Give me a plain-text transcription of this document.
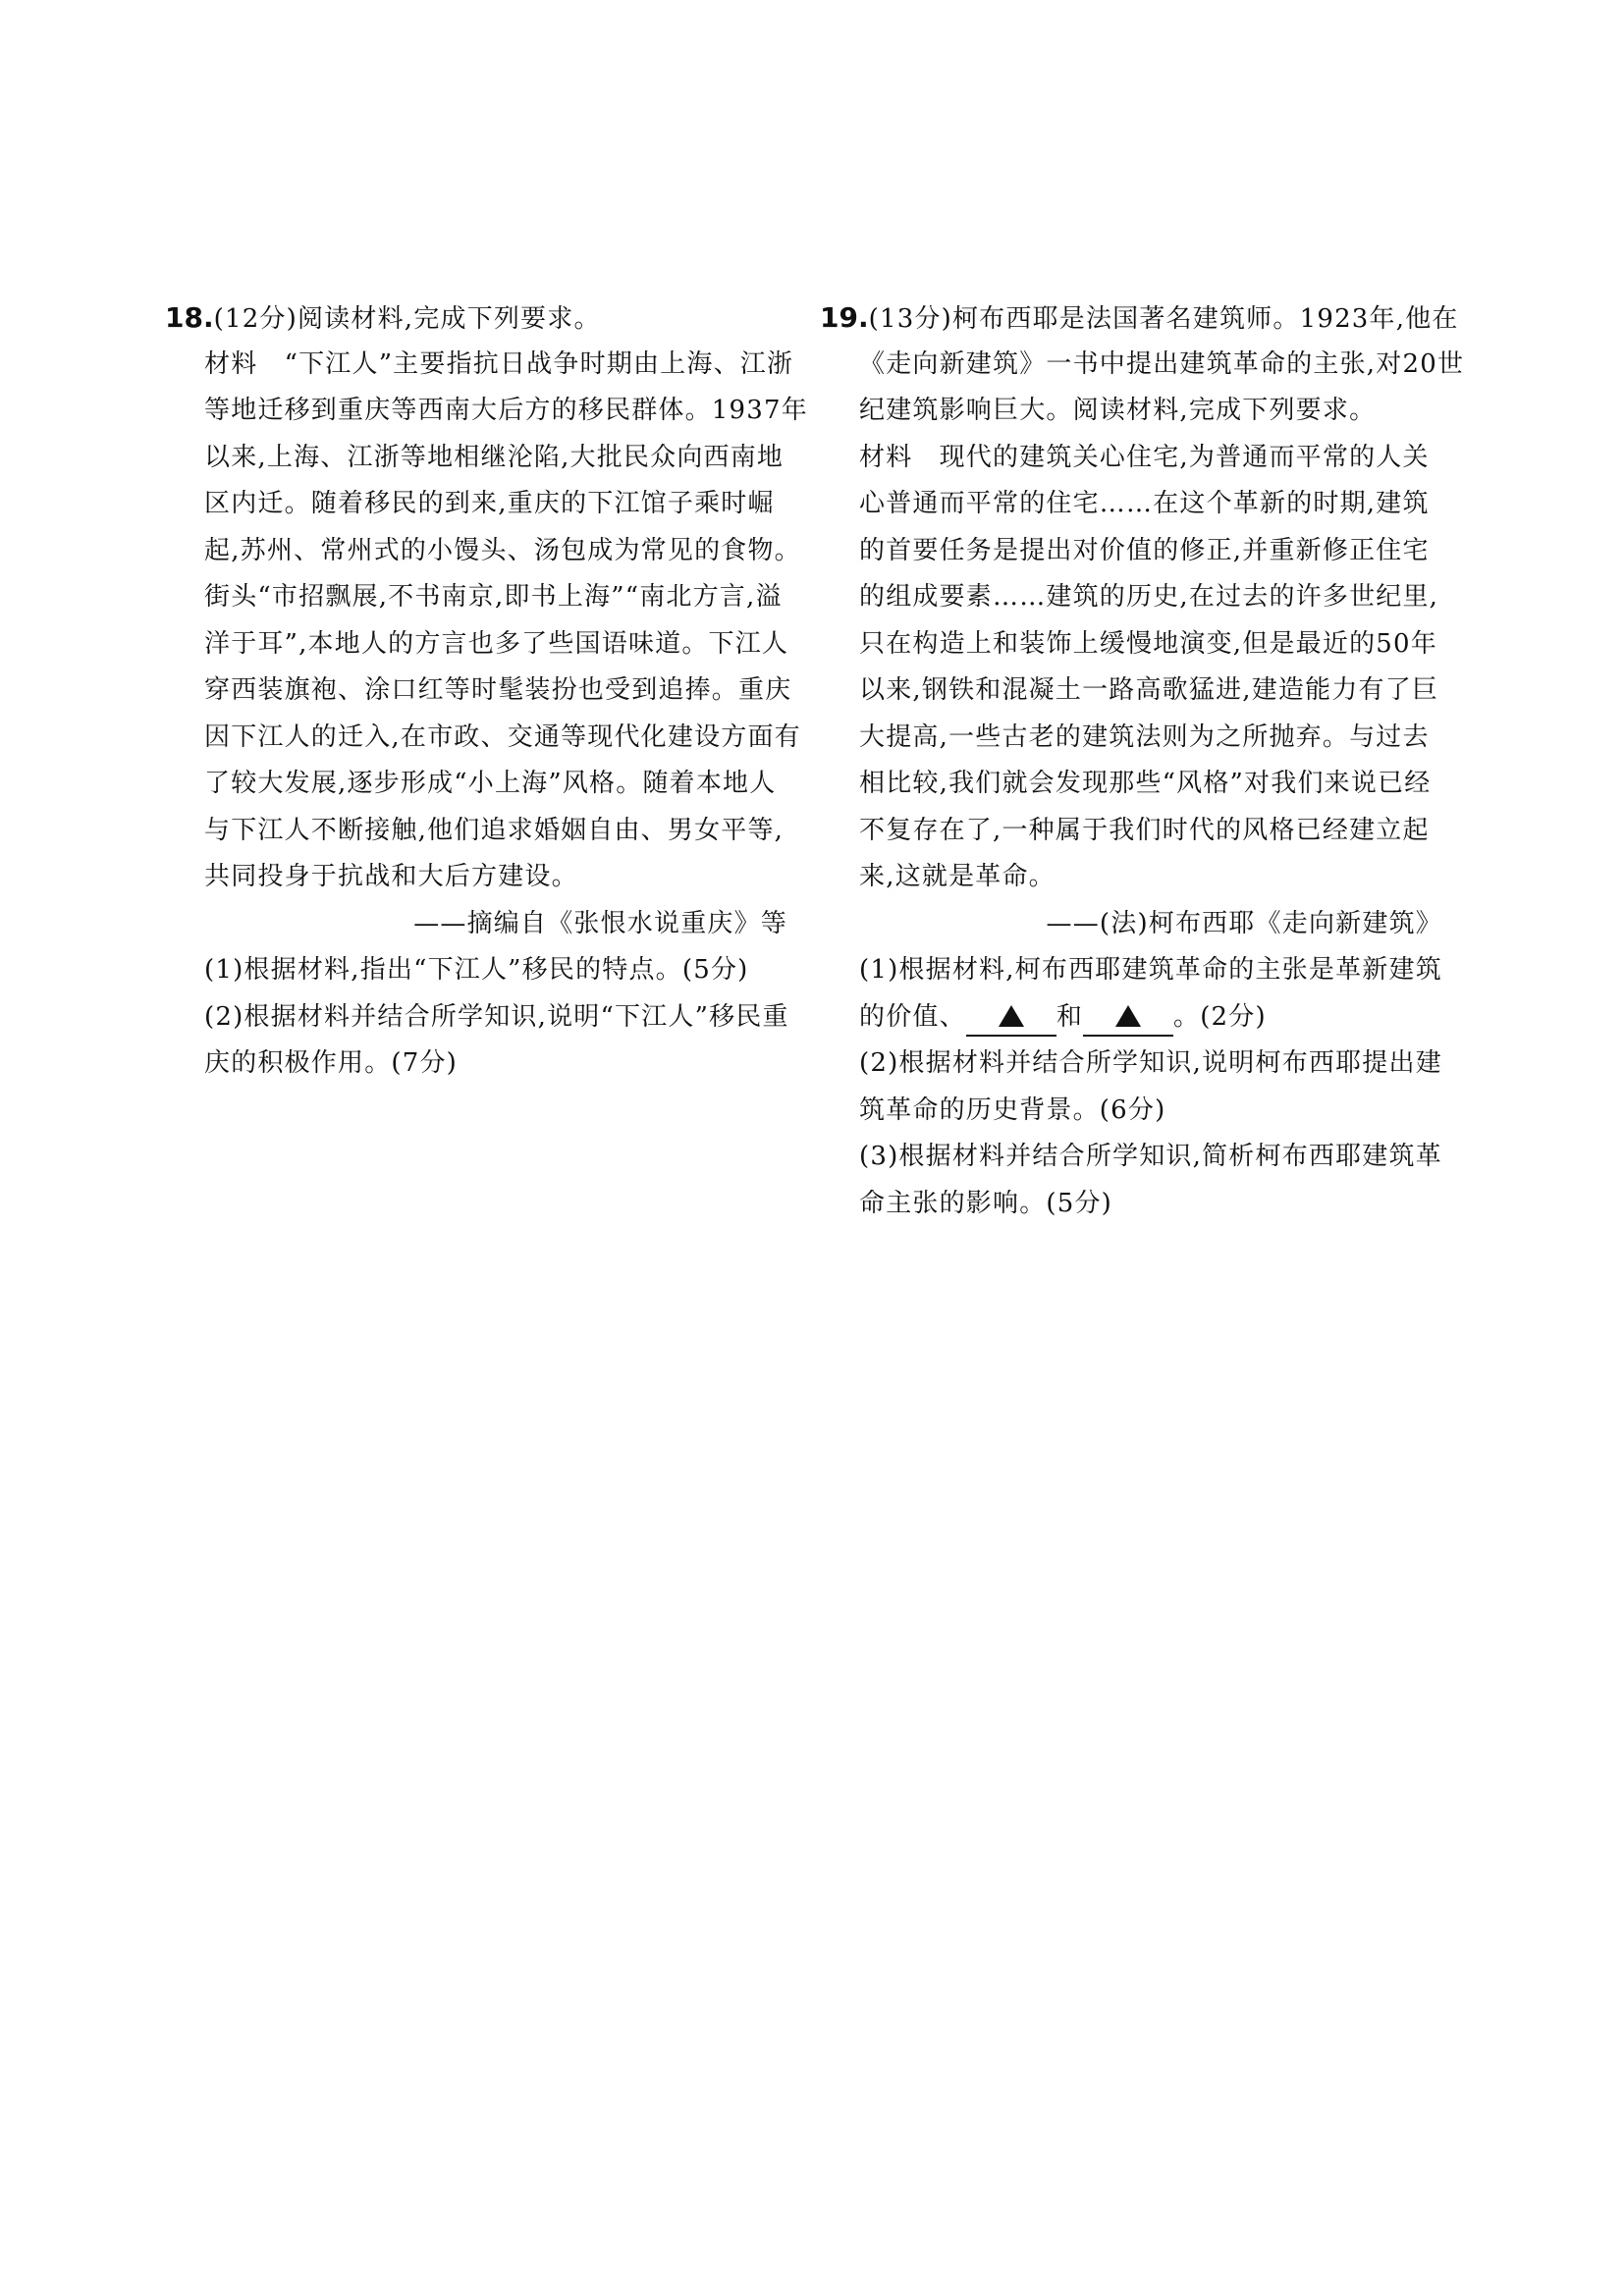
18.(12分)阅读材料,完成下列要求。
材料　“下江人”主要指抗日战争时期由上海、江浙
等地迁移到重庆等西南大后方的移民群体。1937年
以来,上海、江浙等地相继沦陷,大批民众向西南地
区内迁。随着移民的到来,重庆的下江馆子乘时崛
起,苏州、常州式的小馒头、汤包成为常见的食物。
街头“市招飘展,不书南京,即书上海”“南北方言,溢
洋于耳”,本地人的方言也多了些国语味道。下江人
穿西装旗袍、涂口红等时髦装扮也受到追捧。重庆
因下江人的迁入,在市政、交通等现代化建设方面有
了较大发展,逐步形成“小上海”风格。随着本地人
与下江人不断接触,他们追求婚姻自由、男女平等,
共同投身于抗战和大后方建设。
——摘编自《张恨水说重庆》等
(1)根据材料,指出“下江人”移民的特点。(5分)
(2)根据材料并结合所学知识,说明“下江人”移民重
庆的积极作用。(7分)
19.(13分)柯布西耶是法国著名建筑师。1923年,他在
《走向新建筑》一书中提出建筑革命的主张,对20世
纪建筑影响巨大。阅读材料,完成下列要求。
材料　现代的建筑关心住宅,为普通而平常的人关
心普通而平常的住宅……在这个革新的时期,建筑
的首要任务是提出对价值的修正,并重新修正住宅
的组成要素……建筑的历史,在过去的许多世纪里,
只在构造上和装饰上缓慢地演变,但是最近的50年
以来,钢铁和混凝土一路高歌猛进,建造能力有了巨
大提高,一些古老的建筑法则为之所抛弃。与过去
相比较,我们就会发现那些“风格”对我们来说已经
不复存在了,一种属于我们时代的风格已经建立起
来,这就是革命。
——(法)柯布西耶《走向新建筑》
(1)根据材料,柯布西耶建筑革命的主张是革新建筑
的价值、	和	。(2分)
(2)根据材料并结合所学知识,说明柯布西耶提出建
筑革命的历史背景。(6分)
(3)根据材料并结合所学知识,简析柯布西耶建筑革
命主张的影响。(5分)
